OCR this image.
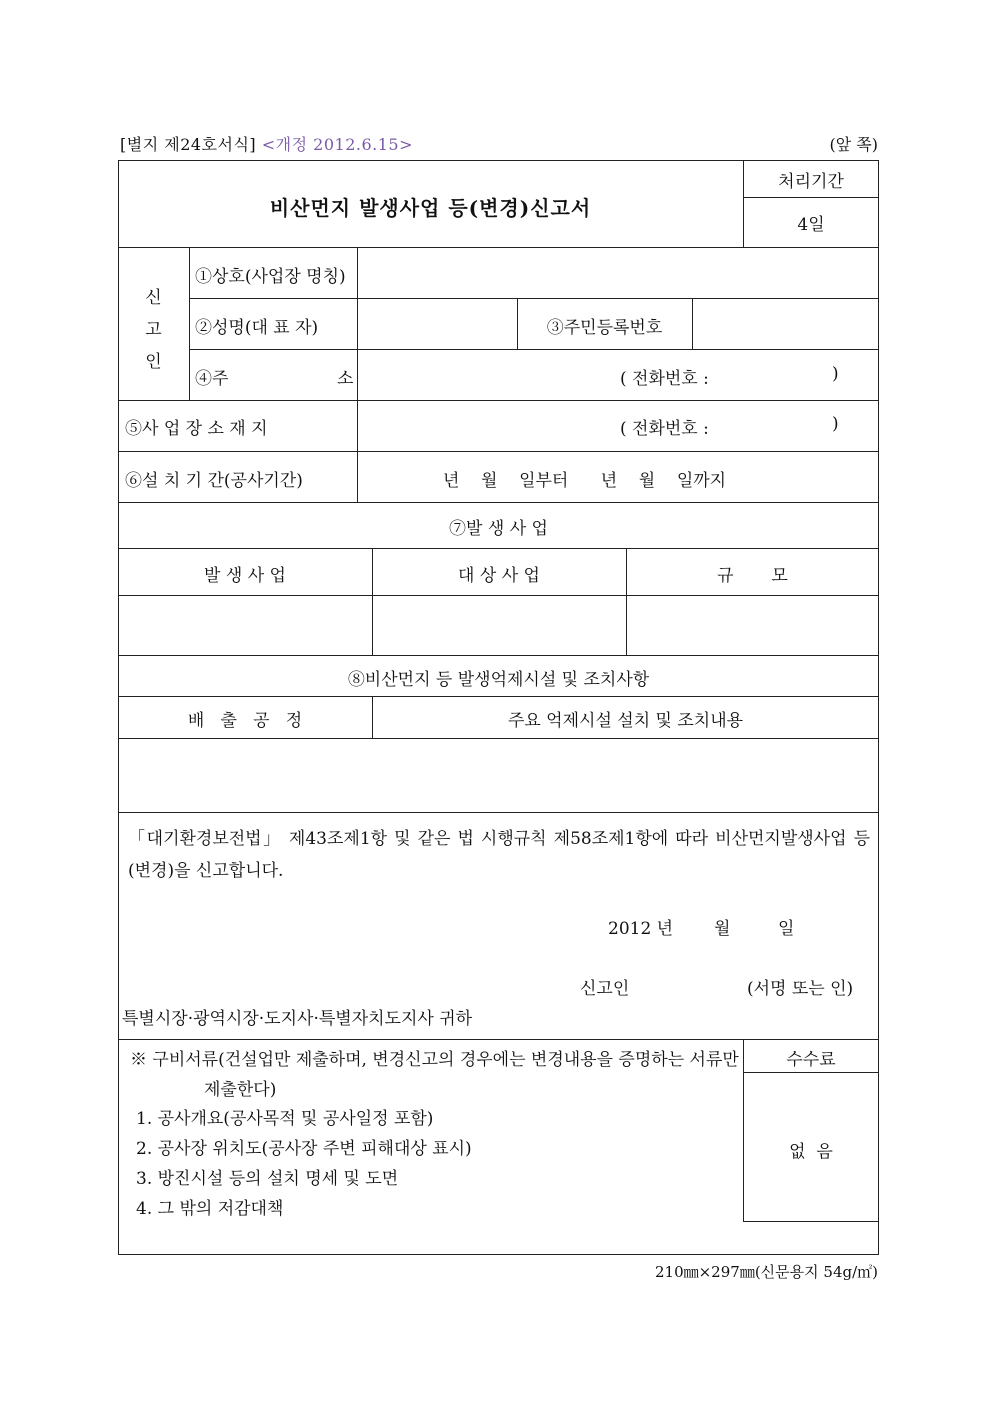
[별지 제24호서식] <개정 2012.6.15>	(앞 쪽)
비산먼지 발생사업 등(변경)신고서
처리기간
4일
신
고
인
①상호(사업장 명칭)
②성명(대 표 자)	③주민등록번호
④주	소	( 전화번호 :	)
⑤사 업 장 소 재 지	( 전화번호 :	)
⑥설 치 기 간(공사기간)	년    월    일부터      년    월    일까지
⑦발 생 사 업
발 생 사 업	대 상 사 업	규       모
⑧비산먼지 등 발생억제시설 및 조치사항
배   출   공   정	주요 억제시설 설치 및 조치내용
「대기환경보전법」 제43조제1항 및 같은 법 시행규칙 제58조제1항에 따라 비산먼지발생사업 등(변경)을 신고합니다.
2012 년 월	일
신고인	(서명 또는 인)
특별시장·광역시장·도지사·특별자치도지사 귀하
※ 구비서류(건설업만 제출하며, 변경신고의 경우에는 변경내용을 증명하는 서류만
제출한다)
1. 공사개요(공사목적 및 공사일정 포함)
2. 공사장 위치도(공사장 주변 피해대상 표시)
3. 방진시설 등의 설치 명세 및 도면
4. 그 밖의 저감대책
수수료
없  음
210㎜×297㎜(신문용지 54g/㎡)
